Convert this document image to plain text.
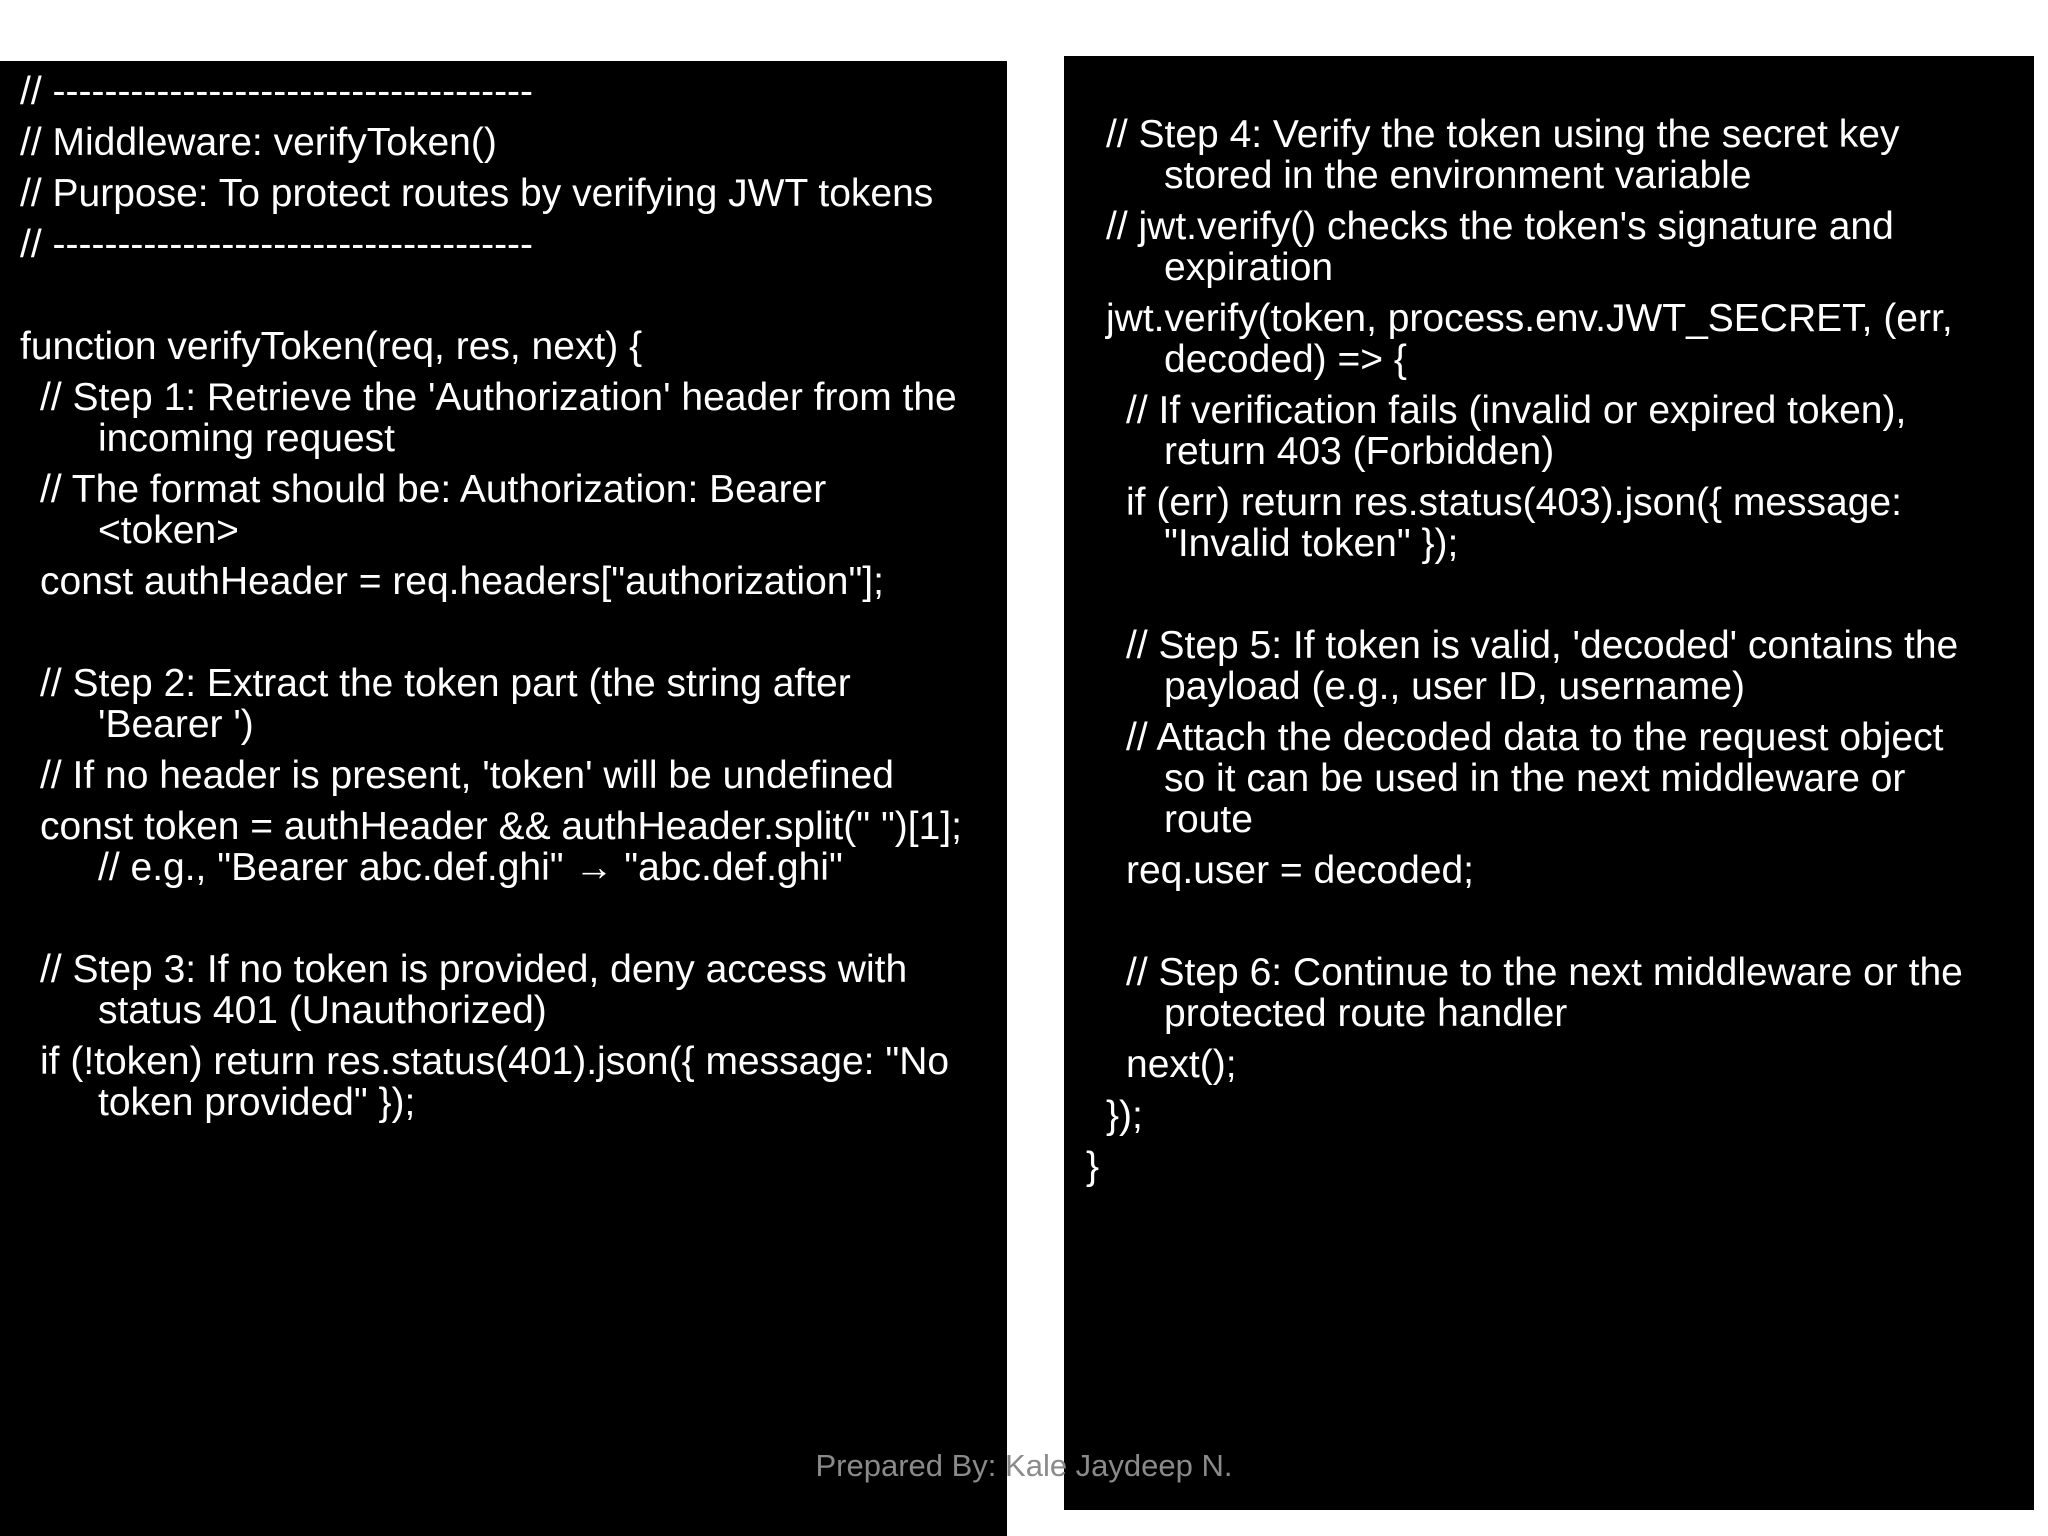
// -------------------------------------
// Middleware: verifyToken()
// Purpose: To protect routes by verifying JWT tokens
// -------------------------------------
function verifyToken(req, res, next) {
// Step 1: Retrieve the 'Authorization' header from the
incoming request
// The format should be: Authorization: Bearer
<token>
const authHeader = req.headers["authorization"];
// Step 2: Extract the token part (the string after
'Bearer ')
// If no header is present, 'token' will be undefined
const token = authHeader && authHeader.split(" ")[1];
// e.g., "Bearer abc.def.ghi" → "abc.def.ghi"
// Step 3: If no token is provided, deny access with
status 401 (Unauthorized)
if (!token) return res.status(401).json({ message: "No
token provided" });
// Step 4: Verify the token using the secret key
stored in the environment variable
// jwt.verify() checks the token's signature and
expiration
jwt.verify(token, process.env.JWT_SECRET, (err,
decoded) => {
// If verification fails (invalid or expired token),
return 403 (Forbidden)
if (err) return res.status(403).json({ message:
"Invalid token" });
// Step 5: If token is valid, 'decoded' contains the
payload (e.g., user ID, username)
// Attach the decoded data to the request object
so it can be used in the next middleware or
route
req.user = decoded;
// Step 6: Continue to the next middleware or the
protected route handler
next();
});
}
Prepared By: Kale Jaydeep N.
